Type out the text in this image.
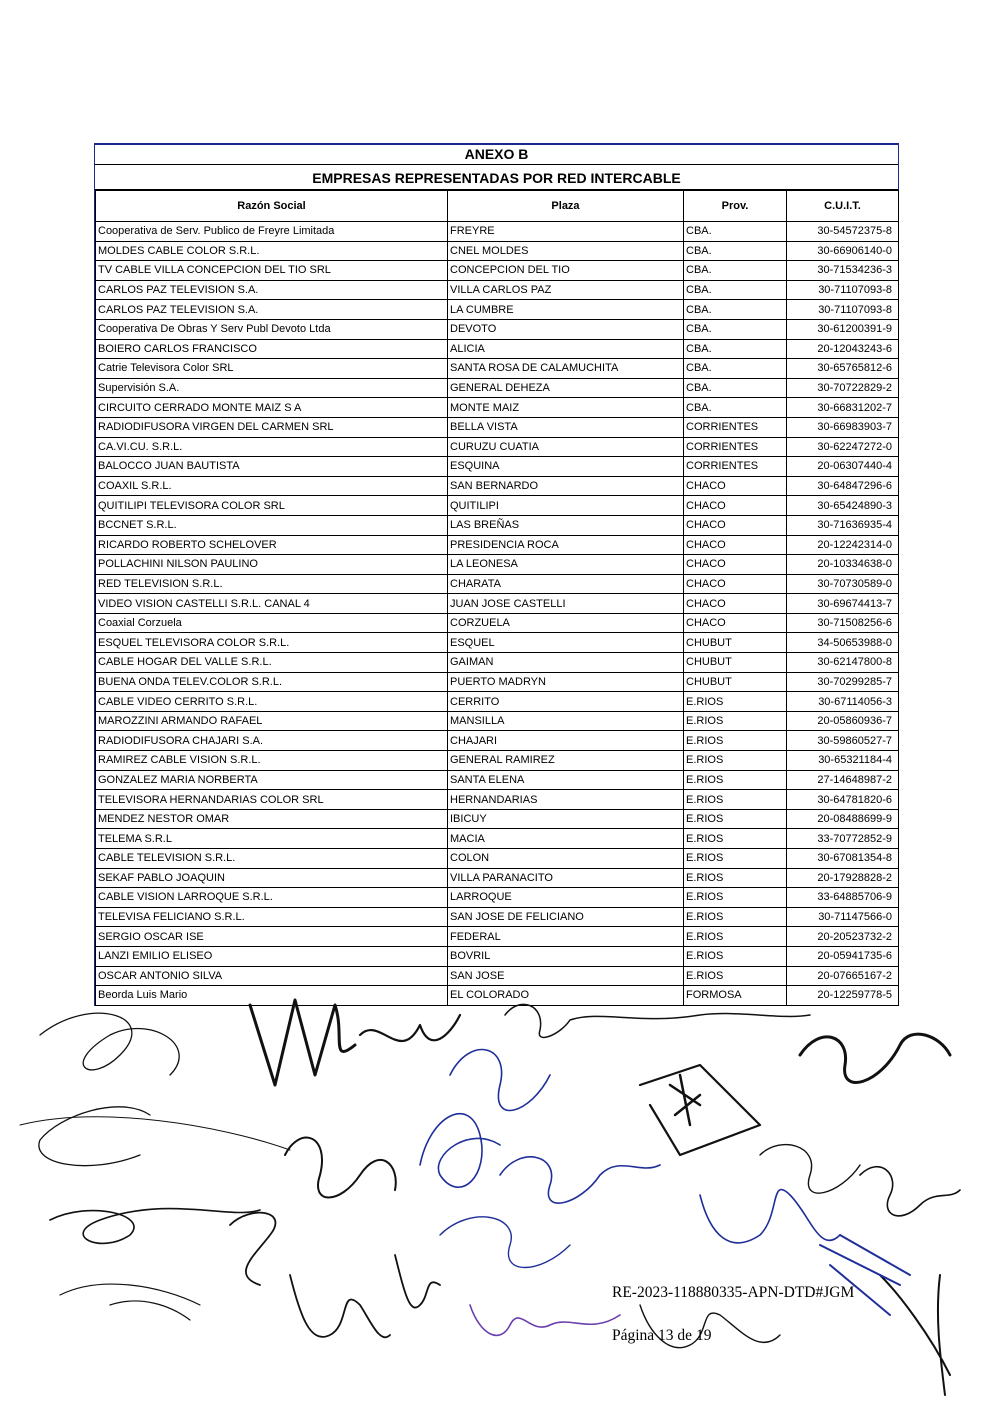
ANEXO B
EMPRESAS REPRESENTADAS POR RED INTERCABLE
Razón Social	Plaza	Prov.	C.U.I.T.
Cooperativa de Serv. Publico de Freyre Limitada	FREYRE	CBA.	30-54572375-8
MOLDES CABLE COLOR S.R.L.	CNEL MOLDES	CBA.	30-66906140-0
TV CABLE VILLA CONCEPCION DEL TIO SRL	CONCEPCION DEL TIO	CBA.	30-71534236-3
CARLOS PAZ TELEVISION S.A.	VILLA CARLOS PAZ	CBA.	30-71107093-8
CARLOS PAZ TELEVISION S.A.	LA CUMBRE	CBA.	30-71107093-8
Cooperativa De Obras Y Serv Publ Devoto Ltda	DEVOTO	CBA.	30-61200391-9
BOIERO CARLOS FRANCISCO	ALICIA	CBA.	20-12043243-6
Catrie Televisora Color SRL	SANTA ROSA DE CALAMUCHITA	CBA.	30-65765812-6
Supervisión S.A.	GENERAL DEHEZA	CBA.	30-70722829-2
CIRCUITO CERRADO MONTE MAIZ S A	MONTE MAIZ	CBA.	30-66831202-7
RADIODIFUSORA VIRGEN DEL CARMEN SRL	BELLA VISTA	CORRIENTES	30-66983903-7
CA.VI.CU. S.R.L.	CURUZU CUATIA	CORRIENTES	30-62247272-0
BALOCCO JUAN BAUTISTA	ESQUINA	CORRIENTES	20-06307440-4
COAXIL S.R.L.	SAN BERNARDO	CHACO	30-64847296-6
QUITILIPI TELEVISORA COLOR SRL	QUITILIPI	CHACO	30-65424890-3
BCCNET S.R.L.	LAS BREÑAS	CHACO	30-71636935-4
RICARDO ROBERTO SCHELOVER	PRESIDENCIA ROCA	CHACO	20-12242314-0
POLLACHINI NILSON PAULINO	LA LEONESA	CHACO	20-10334638-0
RED TELEVISION S.R.L.	CHARATA	CHACO	30-70730589-0
VIDEO VISION CASTELLI S.R.L. CANAL 4	JUAN JOSE CASTELLI	CHACO	30-69674413-7
Coaxial Corzuela	CORZUELA	CHACO	30-71508256-6
ESQUEL TELEVISORA COLOR S.R.L.	ESQUEL	CHUBUT	34-50653988-0
CABLE HOGAR DEL VALLE S.R.L.	GAIMAN	CHUBUT	30-62147800-8
BUENA ONDA TELEV.COLOR S.R.L.	PUERTO MADRYN	CHUBUT	30-70299285-7
CABLE VIDEO CERRITO S.R.L.	CERRITO	E.RIOS	30-67114056-3
MAROZZINI ARMANDO RAFAEL	MANSILLA	E.RIOS	20-05860936-7
RADIODIFUSORA CHAJARI S.A.	CHAJARI	E.RIOS	30-59860527-7
RAMIREZ CABLE VISION S.R.L.	GENERAL RAMIREZ	E.RIOS	30-65321184-4
GONZALEZ MARIA NORBERTA	SANTA ELENA	E.RIOS	27-14648987-2
TELEVISORA HERNANDARIAS COLOR SRL	HERNANDARIAS	E.RIOS	30-64781820-6
MENDEZ NESTOR OMAR	IBICUY	E.RIOS	20-08488699-9
TELEMA S.R.L	MACIA	E.RIOS	33-70772852-9
CABLE TELEVISION S.R.L.	COLON	E.RIOS	30-67081354-8
SEKAF PABLO JOAQUIN	VILLA PARANACITO	E.RIOS	20-17928828-2
CABLE VISION LARROQUE S.R.L.	LARROQUE	E.RIOS	33-64885706-9
TELEVISA FELICIANO S.R.L.	SAN JOSE DE FELICIANO	E.RIOS	30-71147566-0
SERGIO OSCAR ISE	FEDERAL	E.RIOS	20-20523732-2
LANZI EMILIO ELISEO	BOVRIL	E.RIOS	20-05941735-6
OSCAR ANTONIO SILVA	SAN JOSE	E.RIOS	20-07665167-2
Beorda Luis Mario	EL COLORADO	FORMOSA	20-12259778-5
RE-2023-118880335-APN-DTD#JGM
Página 13 de 19
